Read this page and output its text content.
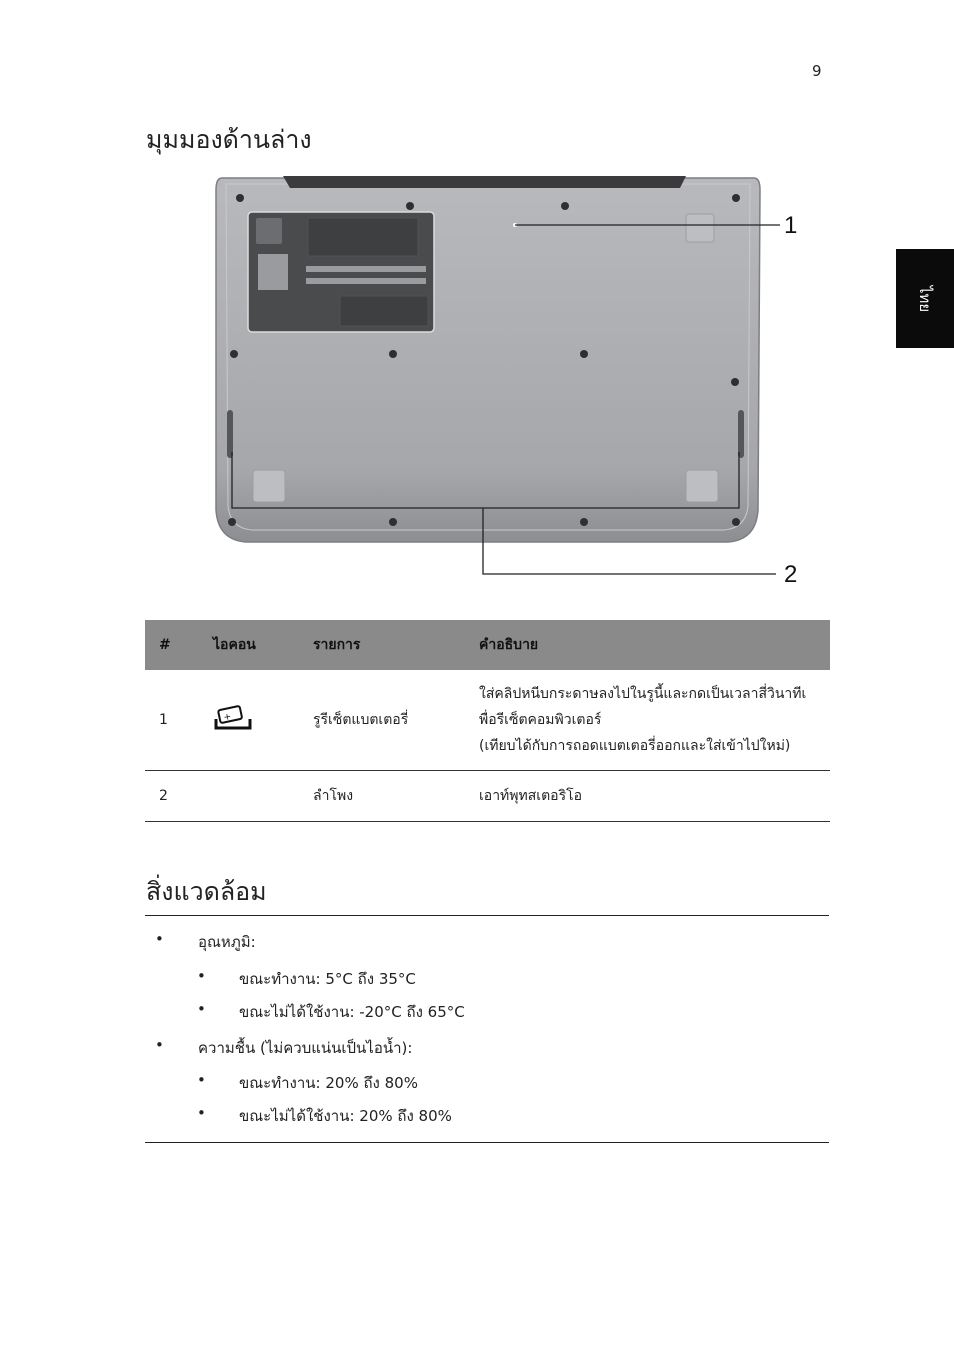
9
ไทย
มุมมองด้านล่าง
1
2
#	ไอคอน	รายการ	คำอธิบาย
1	+	รูรีเซ็ตแบตเตอรี่	ใส่คลิปหนีบกระดาษลงไปในรูนี้และกดเป็นเวลาสี่วินาทีเ
พื่อรีเซ็ตคอมพิวเตอร์
(เทียบได้กับการถอดแบตเตอรี่ออกและใส่เข้าไปใหม่)

2		ลำโพง	เอาท์พุทสเตอริโอ
สิ่งแวดล้อม
• อุณหภูมิ:
• ขณะทำงาน: 5°C ถึง 35°C
• ขณะไม่ได้ใช้งาน: -20°C ถึง 65°C
• ความชื้น (ไม่ควบแน่นเป็นไอน้ำ):
• ขณะทำงาน: 20% ถึง 80%
• ขณะไม่ได้ใช้งาน: 20% ถึง 80%
